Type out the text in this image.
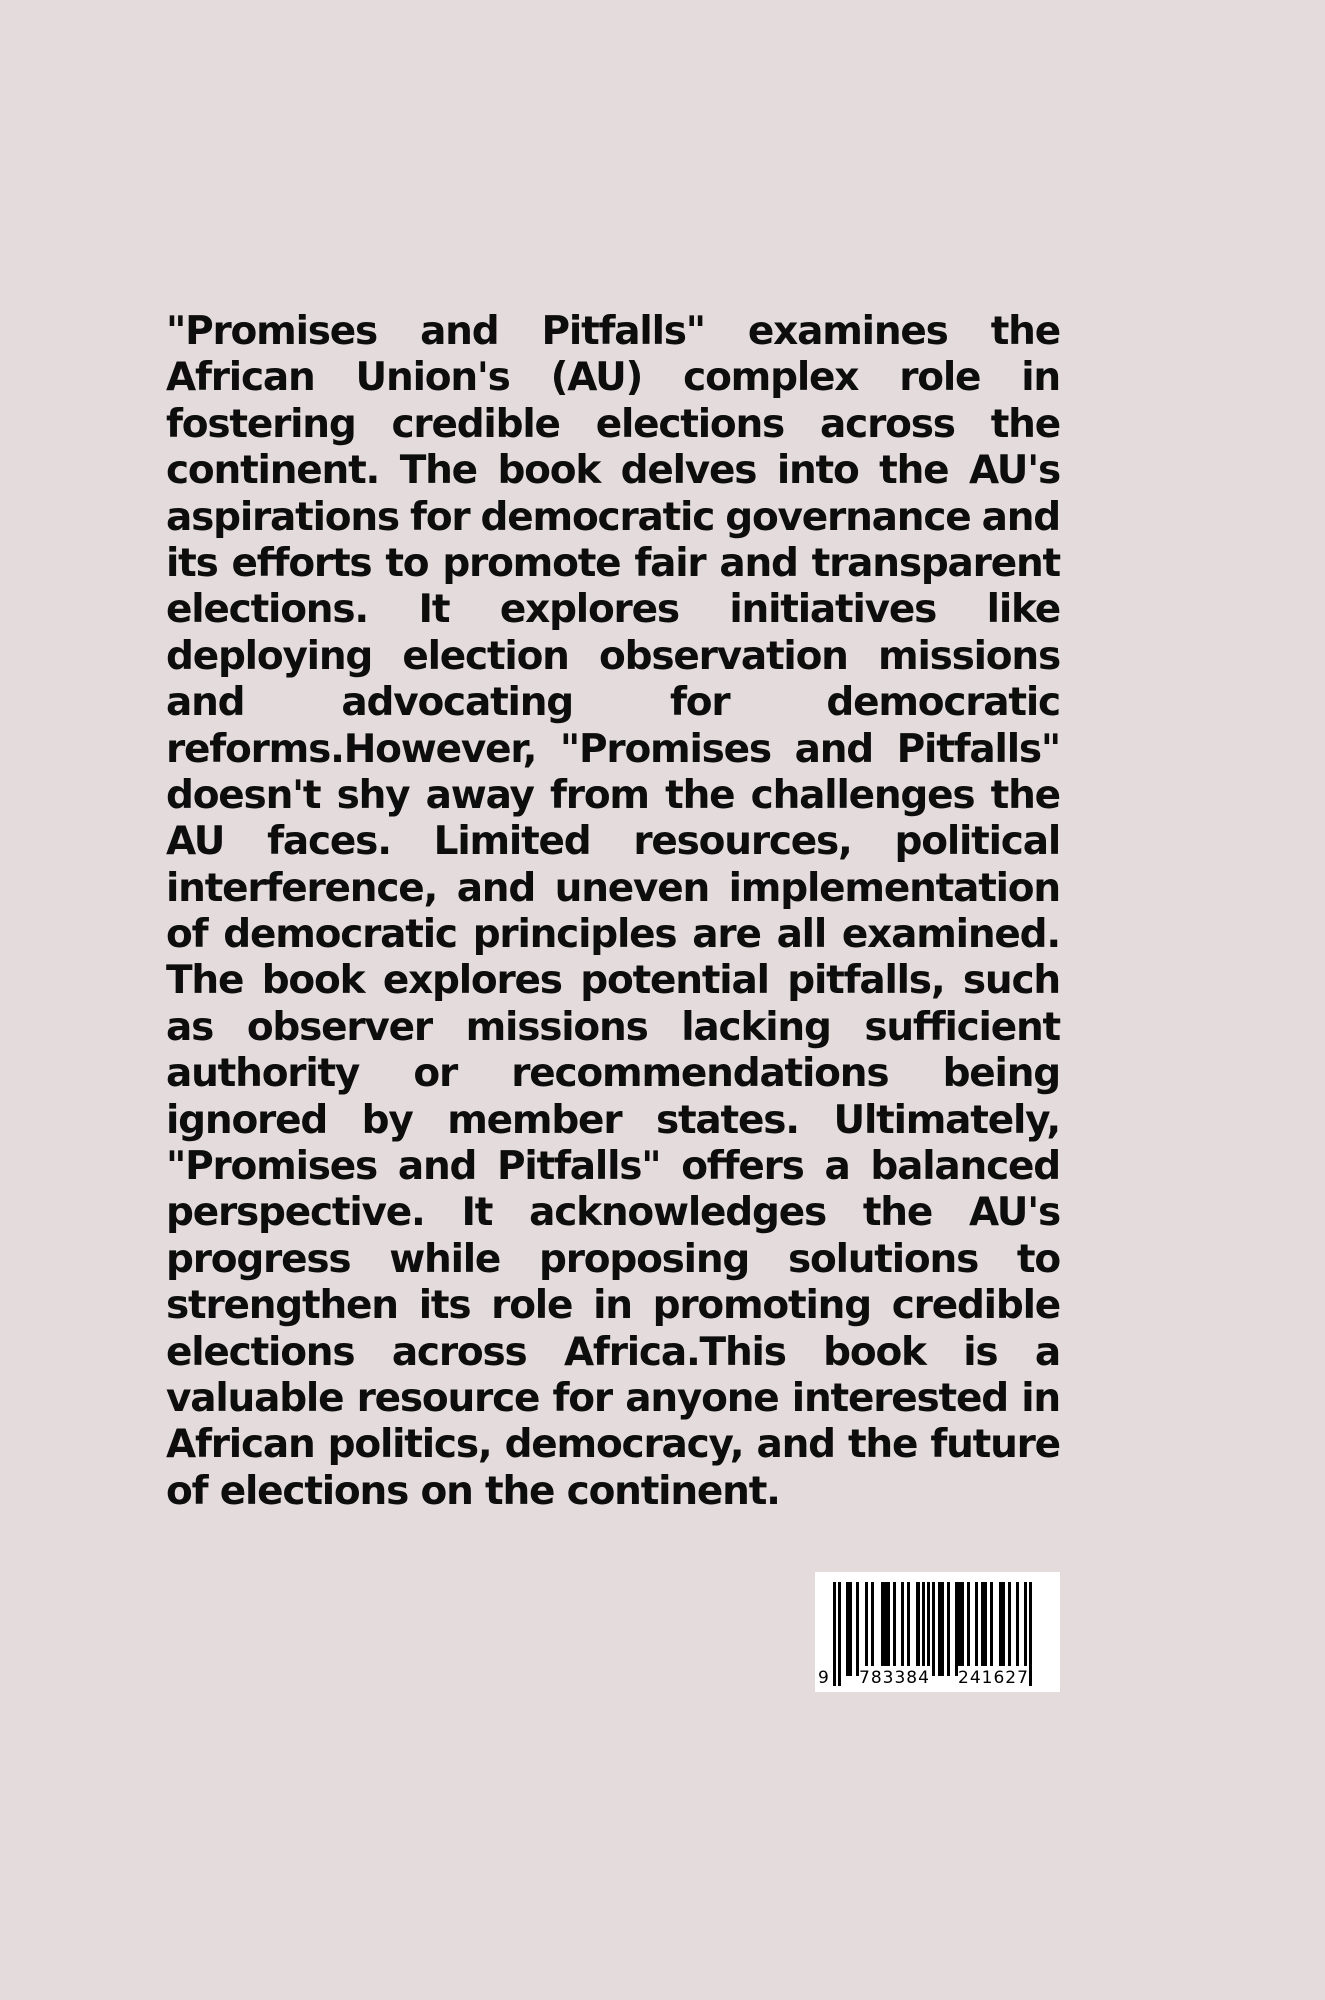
"Promises and Pitfalls" examines the
African Union's (AU) complex role in
fostering credible elections across the
continent. The book delves into the AU's
aspirations for democratic governance and
its efforts to promote fair and transparent
elections. It explores initiatives like
deploying election observation missions
and advocating for democratic
reforms.However, "Promises and Pitfalls"
doesn't shy away from the challenges the
AU faces. Limited resources, political
interference, and uneven implementation
of democratic principles are all examined.
The book explores potential pitfalls, such
as observer missions lacking sufficient
authority or recommendations being
ignored by member states. Ultimately,
"Promises and Pitfalls" offers a balanced
perspective. It acknowledges the AU's
progress while proposing solutions to
strengthen its role in promoting credible
elections across Africa.This book is a
valuable resource for anyone interested in
African politics, democracy, and the future
of elections on the continent.
9 783384 241627
